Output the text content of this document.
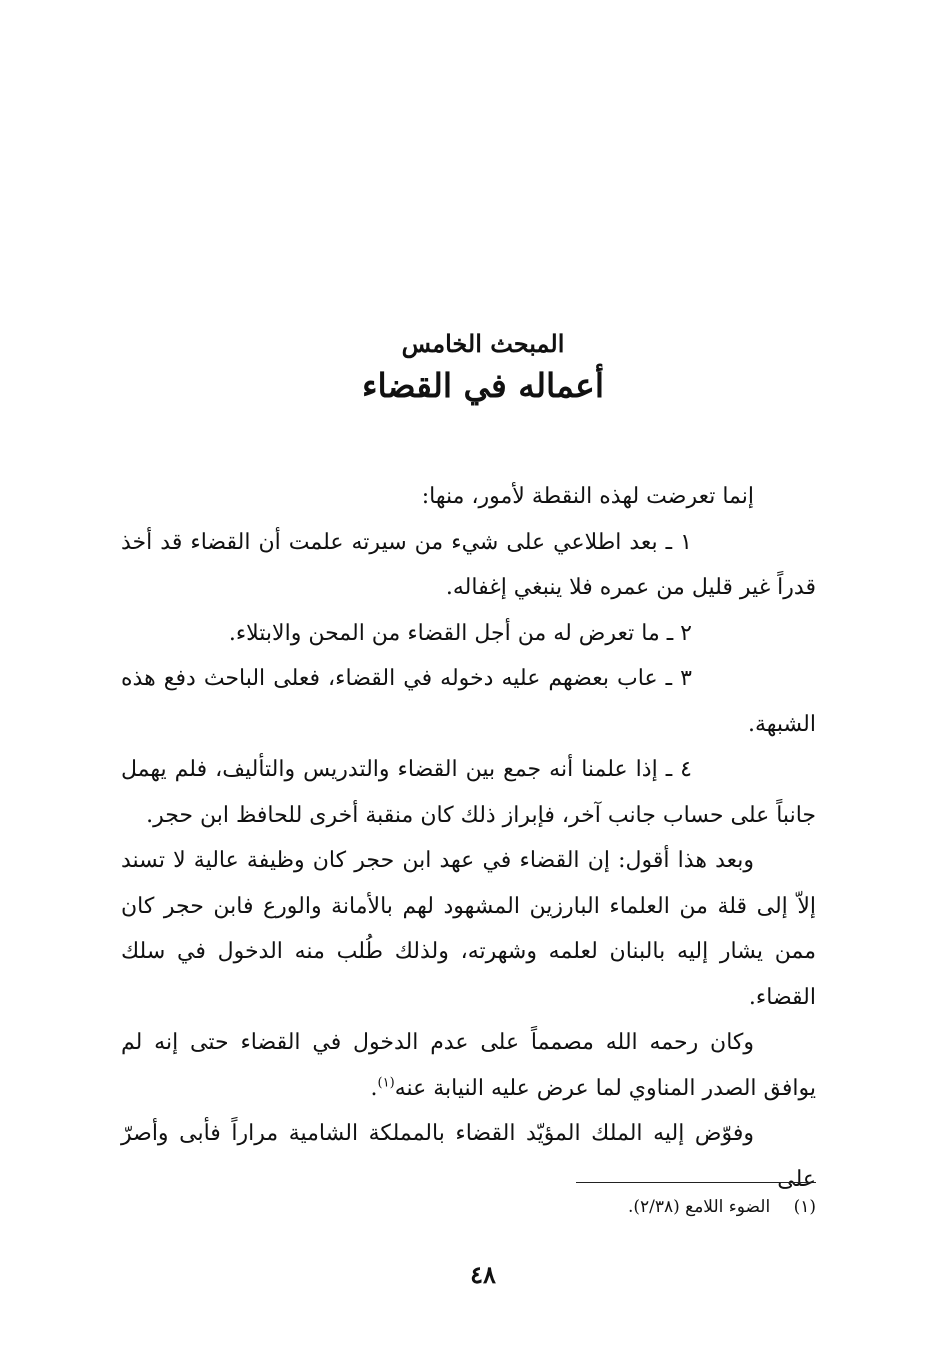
المبحث الخامس
أعماله في القضاء

إنما تعرضت لهذه النقطة لأمور، منها:

١ ـ بعد اطلاعي على شيء من سيرته علمت أن القضاء قد أخذ قدراً غير قليل من عمره فلا ينبغي إغفاله.

٢ ـ ما تعرض له من أجل القضاء من المحن والابتلاء.

٣ ـ عاب بعضهم عليه دخوله في القضاء، فعلى الباحث دفع هذه الشبهة.

٤ ـ إذا علمنا أنه جمع بين القضاء والتدريس والتأليف، فلم يهمل جانباً على حساب جانب آخر، فإبراز ذلك كان منقبة أخرى للحافظ ابن حجر.

وبعد هذا أقول: إن القضاء في عهد ابن حجر كان وظيفة عالية لا تسند إلاّ إلى قلة من العلماء البارزين المشهود لهم بالأمانة والورع فابن حجر كان ممن يشار إليه بالبنان لعلمه وشهرته، ولذلك طُلب منه الدخول في سلك القضاء.

وكان رحمه الله مصمماً على عدم الدخول في القضاء حتى إنه لم يوافق الصدر المناوي لما عرض عليه النيابة عنه$^{(١)}$.

وفوّض إليه الملك المؤيّد القضاء بالمملكة الشامية مراراً فأبى وأصرّ على

(١) الضوء اللامع (٢/٣٨).
٤٨
